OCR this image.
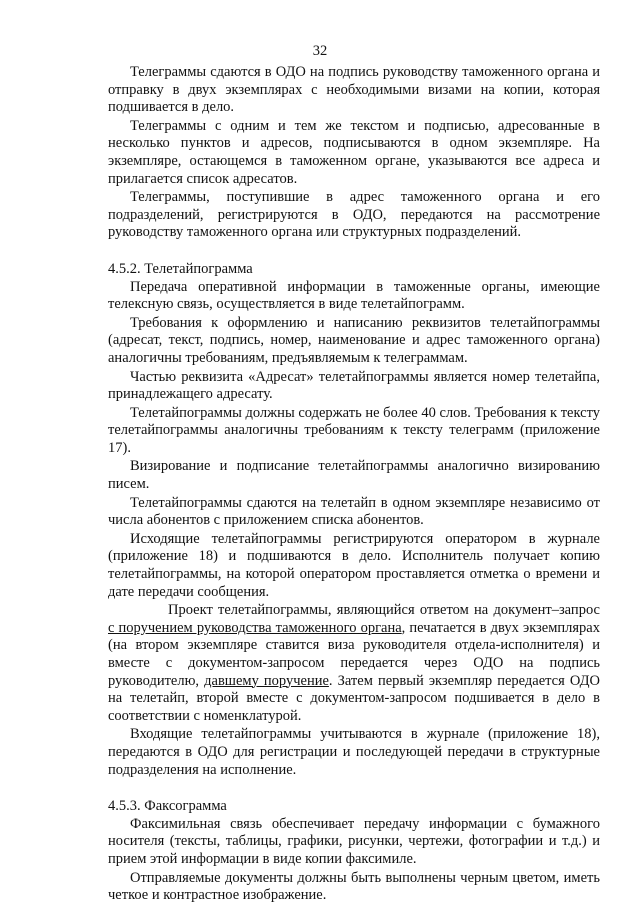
32

Телеграммы сдаются в ОДО на подпись руководству таможенного органа и отправку в двух экземплярах с необходимыми визами на копии, которая подшивается в дело.

Телеграммы с одним и тем же текстом и подписью, адресованные в несколько пунктов и адресов, подписываются в одном экземпляре. На экземпляре, остающемся в таможенном органе, указываются все адреса и прилагается список адресатов.

Телеграммы, поступившие в адрес таможенного органа и его подразделений, регистрируются в ОДО, передаются на рассмотрение руководству таможенного органа или структурных подразделений.

4.5.2. Телетайпограмма

Передача оперативной информации в таможенные органы, имеющие телексную связь, осуществляется в виде телетайпограмм.

Требования к оформлению и написанию реквизитов телетайпограммы (адресат, текст, подпись, номер, наименование и адрес таможенного органа) аналогичны требованиям, предъявляемым к телеграммам.

Частью реквизита «Адресат» телетайпограммы является номер телетайпа, принадлежащего адресату.

Телетайпограммы должны содержать не более 40 слов. Требования к тексту телетайпограммы аналогичны требованиям к тексту телеграмм (приложение 17).

Визирование и подписание телетайпограммы аналогично визированию писем.

Телетайпограммы сдаются на телетайп в одном экземпляре независимо от числа абонентов с приложением списка абонентов.

Исходящие телетайпограммы регистрируются оператором в журнале (приложение 18) и подшиваются в дело. Исполнитель получает копию телетайпограммы, на которой оператором проставляется отметка о времени и дате передачи сообщения.

Проект телетайпограммы, являющийся ответом на документ–запрос с поручением руководства таможенного органа, печатается в двух экземплярах (на втором экземпляре ставится виза руководителя отдела-исполнителя) и вместе с документом-запросом передается через ОДО на подпись руководителю, давшему поручение. Затем первый экземпляр передается ОДО на телетайп, второй вместе с документом-запросом подшивается в дело в соответствии с номенклатурой.

Входящие телетайпограммы учитываются в журнале (приложение 18), передаются в ОДО для регистрации и последующей передачи в структурные подразделения на исполнение.

4.5.3. Факсограмма

Факсимильная связь обеспечивает передачу информации с бумажного носителя (тексты, таблицы, графики, рисунки, чертежи, фотографии и т.д.) и прием этой информации в виде копии факсимиле.

Отправляемые документы должны быть выполнены черным цветом, иметь четкое и контрастное изображение.
